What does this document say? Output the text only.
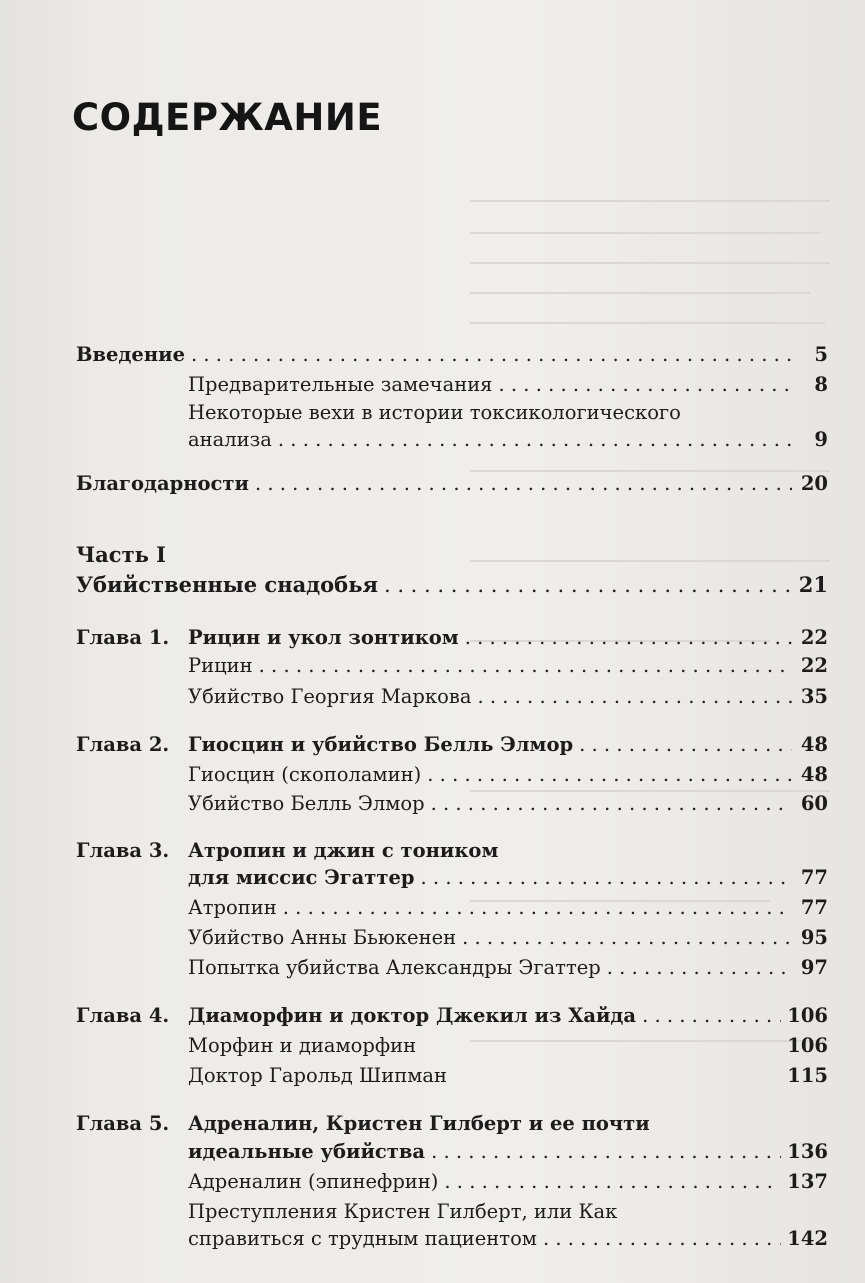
СОДЕРЖАНИЕ
Введение . . .	5
Предварительные замечания . . .	8
Некоторые вехи в истории токсикологического
анализа . . .	9
Благодарности . . .	20
Часть I
Убийственные снадобья . . .	21
Глава 1. Рицин и укол зонтиком . . .	22
Рицин . . .	22
Убийство Георгия Маркова . . .	35
Глава 2. Гиосцин и убийство Белль Элмор . . .	48
Гиосцин (скополамин) . . .	48
Убийство Белль Элмор . . .	60
Глава 3. Атропин и джин с тоником
для миссис Эгаттер . . .	77
Атропин . . .	77
Убийство Анны Бьюкенен . . .	95
Попытка убийства Александры Эгаттер . . .	97
Глава 4. Диаморфин и доктор Джекил из Хайда . . .	106
Морфин и диаморфин	106
Доктор Гарольд Шипман	115
Глава 5. Адреналин, Кристен Гилберт и ее почти
идеальные убийства . . .	136
Адреналин (эпинефрин) . . .	137
Преступления Кристен Гилберт, или Как
справиться с трудным пациентом . . .	142
